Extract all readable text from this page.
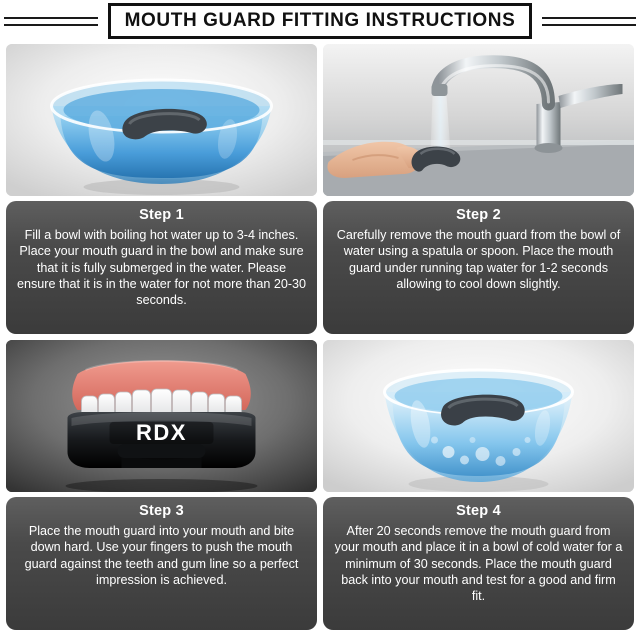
MOUTH GUARD FITTING INSTRUCTIONS
Step 1
Fill a bowl with boiling hot water up to 3-4 inches. Place your mouth guard in the bowl and make sure that it is fully submerged in the water. Please ensure that it is in the water for not more than 20-30 seconds.
Step 2
Carefully remove the mouth guard from the bowl of water using a spatula or spoon. Place the mouth guard under running tap water for 1-2 seconds allowing to cool down slightly.
RDX
Step 3
Place the mouth guard into your mouth and bite down hard. Use your fingers to push the mouth guard against the teeth and gum line so a perfect impression is achieved.
Step 4
After 20 seconds remove the mouth guard from your mouth and place it in a bowl of cold water for a minimum of 30 seconds. Place the mouth guard back into your mouth and test for a good and firm fit.
